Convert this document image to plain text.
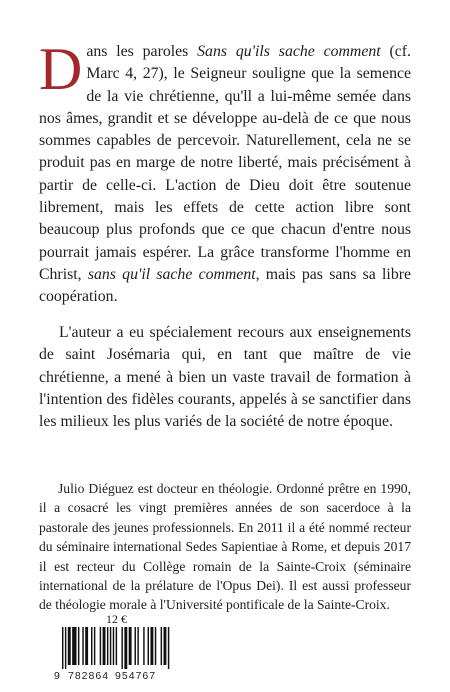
Dans les paroles Sans qu'ils sache comment (cf. Marc 4, 27), le Seigneur souligne que la semence de la vie chrétienne, qu'll a lui-même semée dans nos âmes, grandit et se développe au-delà de ce que nous sommes capables de percevoir. Naturellement, cela ne se produit pas en marge de notre liberté, mais précisément à partir de celle-ci. L'action de Dieu doit être soutenue librement, mais les effets de cette action libre sont beaucoup plus profonds que ce que chacun d'entre nous pourrait jamais espérer. La grâce transforme l'homme en Christ, sans qu'il sache comment, mais pas sans sa libre coopération.

L'auteur a eu spécialement recours aux enseignements de saint Josémaria qui, en tant que maître de vie chrétienne, a mené à bien un vaste travail de formation à l'intention des fidèles courants, appelés à se sanctifier dans les milieux les plus variés de la société de notre époque.

Julio Diéguez est docteur en théologie. Ordonné prêtre en 1990, il a cosacré les vingt premières années de son sacerdoce à la pastorale des jeunes professionnels. En 2011 il a été nommé recteur du séminaire international Sedes Sapientiae à Rome, et depuis 2017 il est recteur du Collège romain de la Sainte-Croix (séminaire international de la prélature de l'Opus Dei). Il est aussi professeur de théologie morale à l'Université pontificale de la Sainte-Croix.

12 €
9 782864 954767
